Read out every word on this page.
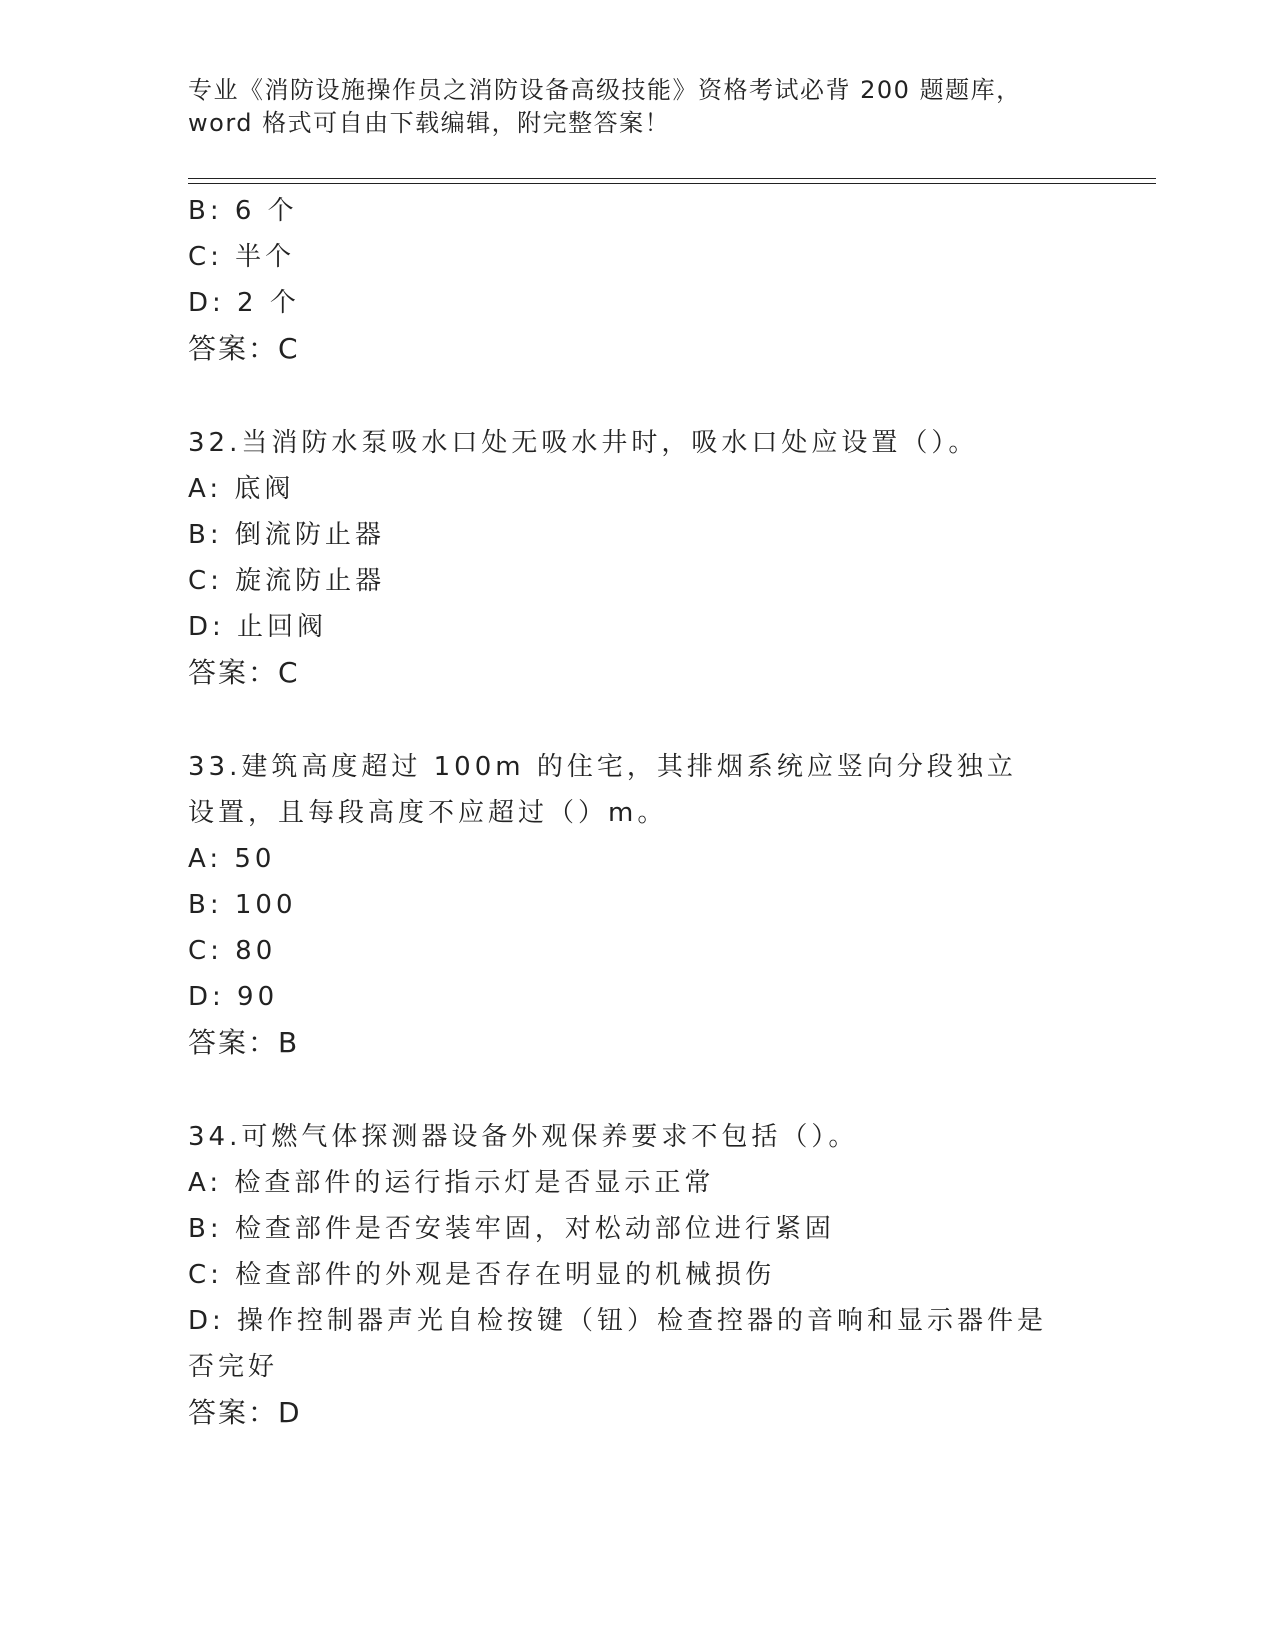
专业《消防设施操作员之消防设备高级技能》资格考试必背 200 题题库，word 格式可自由下载编辑，附完整答案！
B: 6 个
C: 半个
D: 2 个
答案：C
32.当消防水泵吸水口处无吸水井时，吸水口处应设置（）。
A: 底阀
B: 倒流防止器
C: 旋流防止器
D: 止回阀
答案：C
33.建筑高度超过 100m 的住宅，其排烟系统应竖向分段独立设置，且每段高度不应超过（）m。
A: 50
B: 100
C: 80
D: 90
答案：B
34.可燃气体探测器设备外观保养要求不包括（）。
A: 检查部件的运行指示灯是否显示正常
B: 检查部件是否安装牢固，对松动部位进行紧固
C: 检查部件的外观是否存在明显的机械损伤
D: 操作控制器声光自检按键（钮）检查控器的音响和显示器件是否完好
答案：D
